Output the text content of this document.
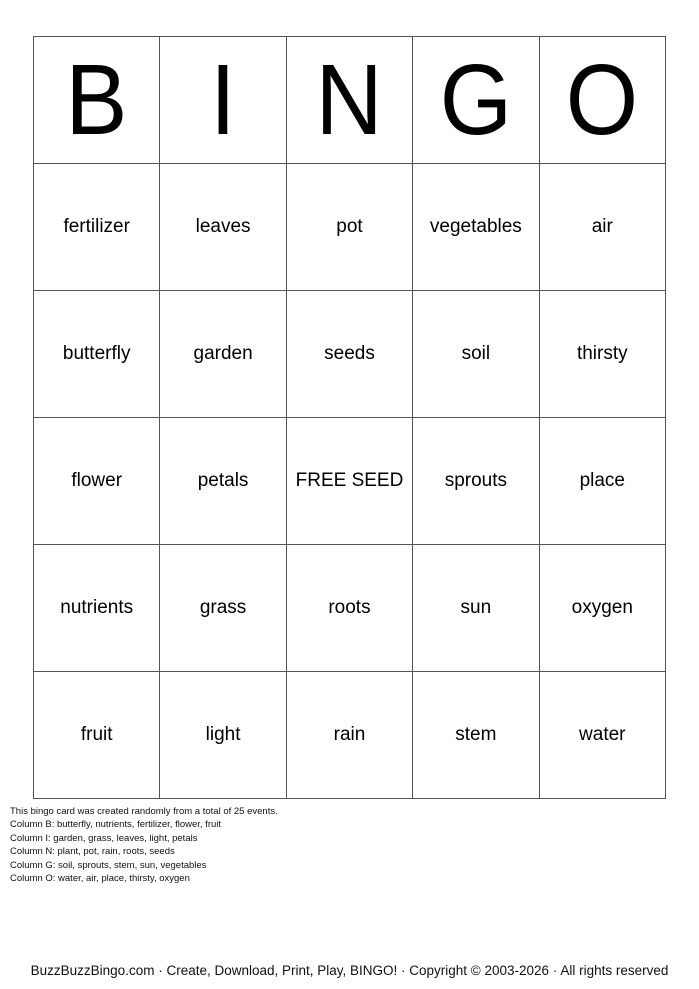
B	I	N	G	O
fertilizer	leaves	pot	vegetables	air
butterfly	garden	seeds	soil	thirsty
flower	petals	FREE SEED	sprouts	place
nutrients	grass	roots	sun	oxygen
fruit	light	rain	stem	water
This bingo card was created randomly from a total of 25 events.
Column B: butterfly, nutrients, fertilizer, flower, fruit
Column I: garden, grass, leaves, light, petals
Column N: plant, pot, rain, roots, seeds
Column G: soil, sprouts, stem, sun, vegetables
Column O: water, air, place, thirsty, oxygen
BuzzBuzzBingo.com · Create, Download, Print, Play, BINGO! · Copyright © 2003-2026 · All rights reserved
